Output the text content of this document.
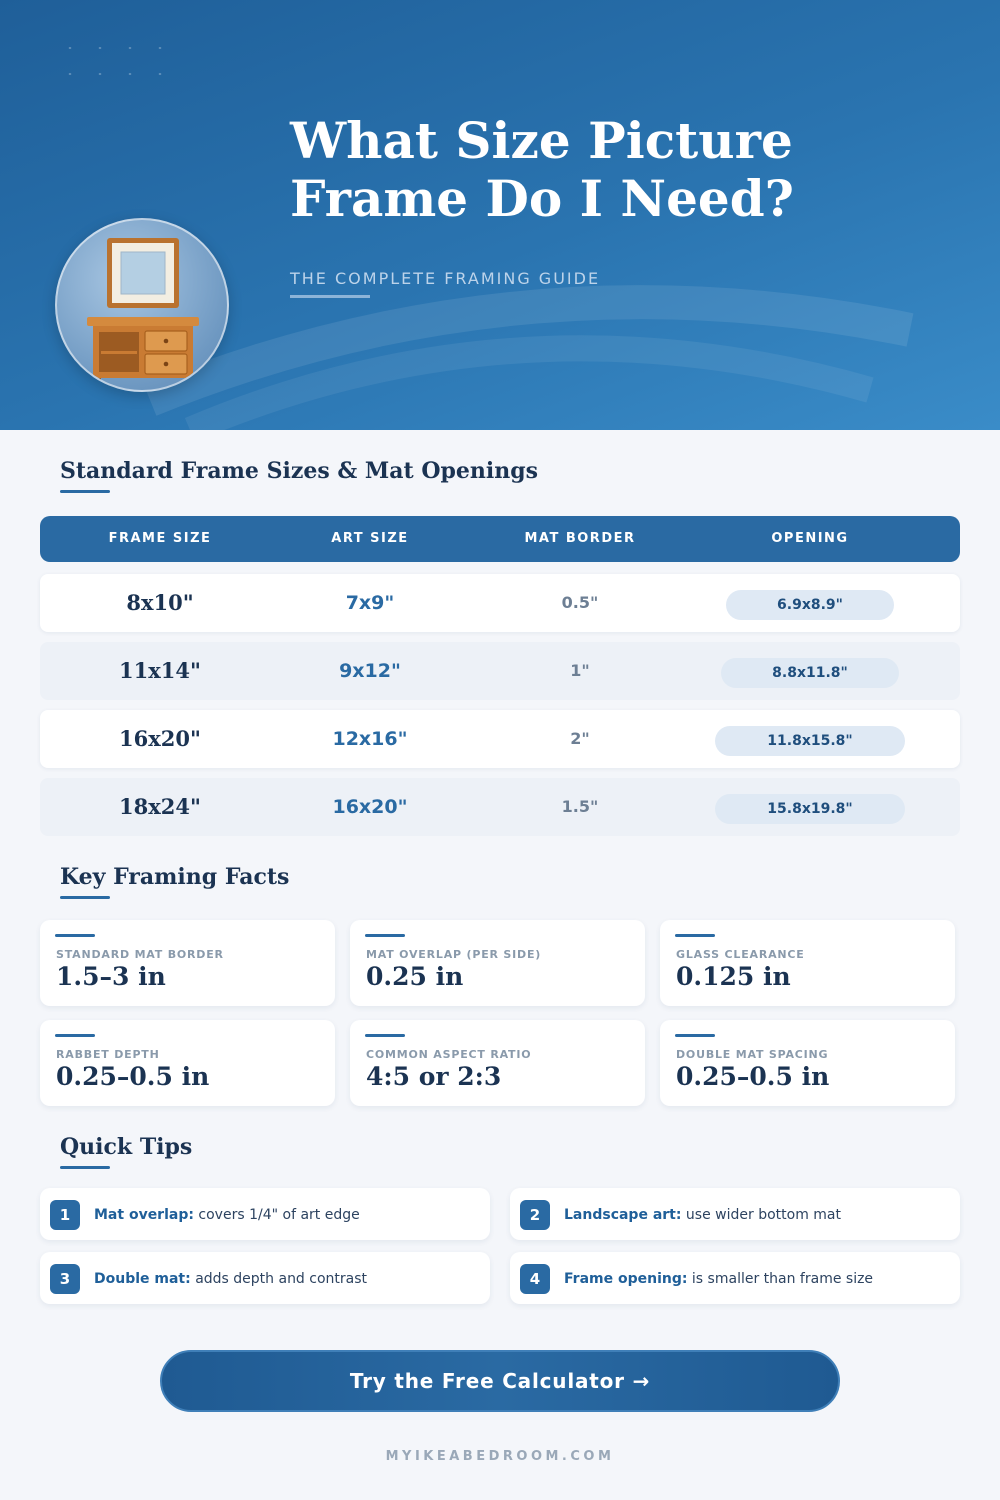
What Size Picture Frame Do I Need?
THE COMPLETE FRAMING GUIDE
Standard Frame Sizes & Mat Openings
FRAME SIZE	ART SIZE	MAT BORDER	OPENING
8x10"	7x9"	0.5"	6.9x8.9"
11x14"	9x12"	1"	8.8x11.8"
16x20"	12x16"	2"	11.8x15.8"
18x24"	16x20"	1.5"	15.8x19.8"
Key Framing Facts
STANDARD MAT BORDER
1.5–3 in
MAT OVERLAP (PER SIDE)
0.25 in
GLASS CLEARANCE
0.125 in
RABBET DEPTH
0.25–0.5 in
COMMON ASPECT RATIO
4:5 or 2:3
DOUBLE MAT SPACING
0.25–0.5 in
Quick Tips
1	Mat overlap: covers 1/4" of art edge	2	Landscape art: use wider bottom mat
3	Double mat: adds depth and contrast	4	Frame opening: is smaller than frame size
Try the Free Calculator →
MYIKEABEDROOM.COM
